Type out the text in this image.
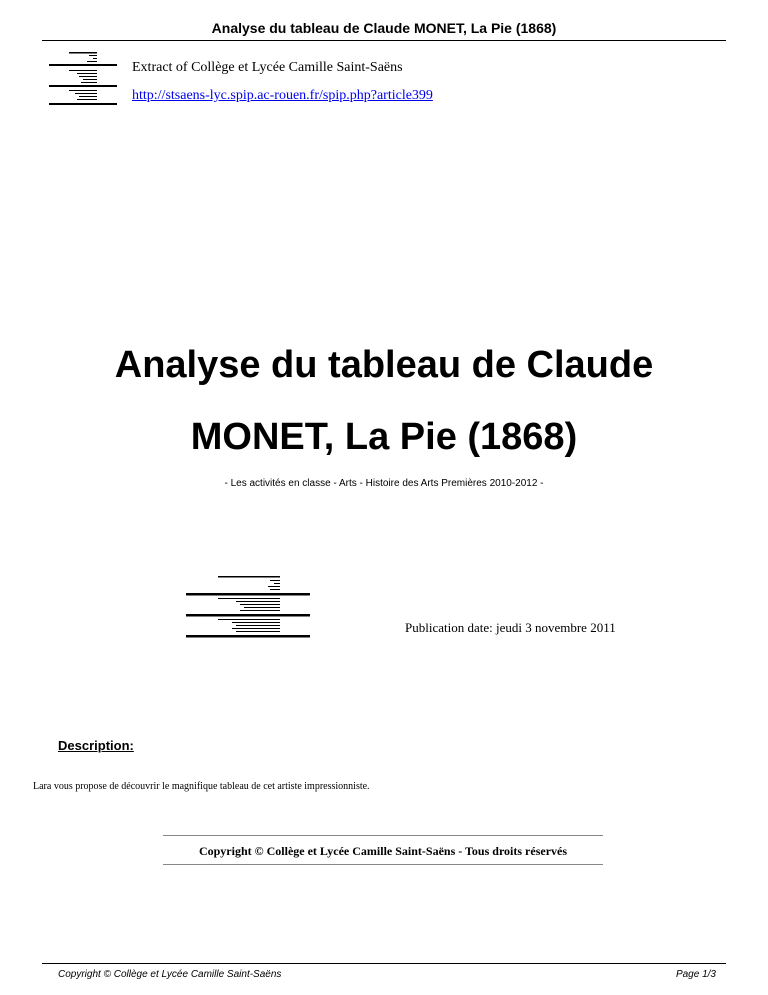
Analyse du tableau de Claude MONET, La Pie (1868)
Extract of Collège et Lycée Camille Saint-Saëns
http://stsaens-lyc.spip.ac-rouen.fr/spip.php?article399
Analyse du tableau de Claude
MONET, La Pie (1868)
- Les activités en classe - Arts - Histoire des Arts Premières 2010-2012 -
Publication date: jeudi 3 novembre 2011
Description:
Lara vous propose de découvrir le magnifique tableau de cet artiste impressionniste.
Copyright © Collège et Lycée Camille Saint-Saëns - Tous droits réservés
Copyright © Collège et Lycée Camille Saint-Saëns	Page 1/3
